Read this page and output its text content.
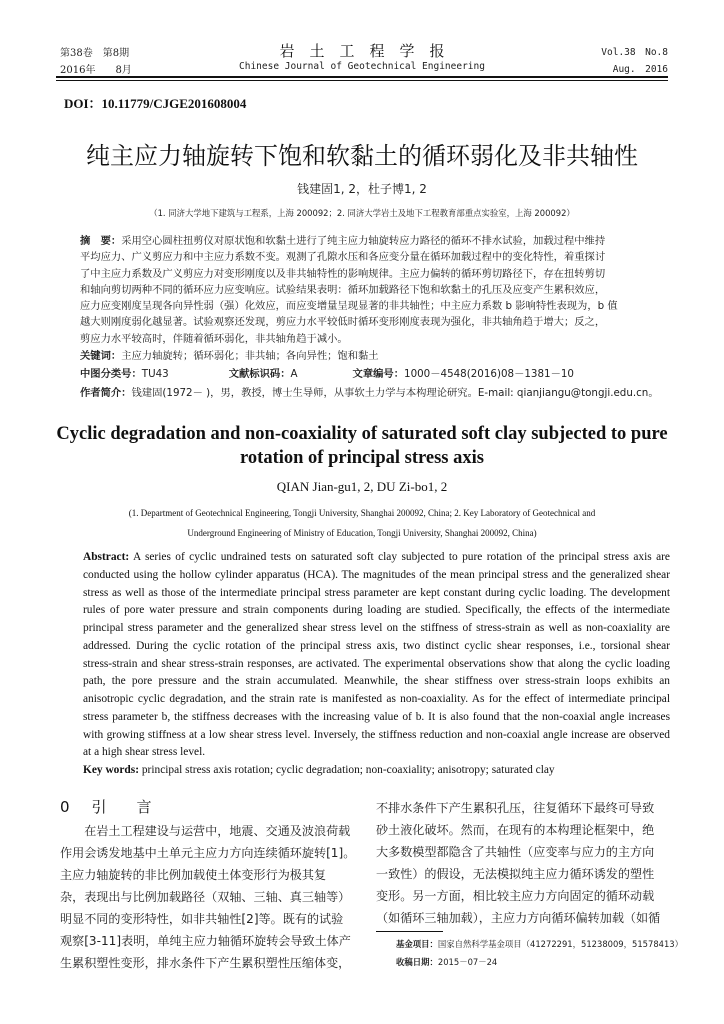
第38卷　第8期
2016年　　8月
岩　土　工　程　学　报
Chinese Journal of Geotechnical Engineering
Vol.38　No.8
Aug.　2016
DOI：10.11779/CJGE201608004
纯主应力轴旋转下饱和软黏土的循环弱化及非共轴性
钱建固1, 2，杜子博1, 2
（1. 同济大学地下建筑与工程系，上海 200092；2. 同济大学岩土及地下工程教育部重点实验室，上海 200092）
摘　要：采用空心圆柱扭剪仪对原状饱和软黏土进行了纯主应力轴旋转应力路径的循环不排水试验，加载过程中维持
平均应力、广义剪应力和中主应力系数不变。观测了孔隙水压和各应变分量在循环加载过程中的变化特性，着重探讨
了中主应力系数及广义剪应力对变形刚度以及非共轴特性的影响规律。主应力偏转的循环剪切路径下，存在扭转剪切
和轴向剪切两种不同的循环应力应变响应。试验结果表明：循环加载路径下饱和软黏土的孔压及应变产生累积效应，
应力应变刚度呈现各向异性弱（强）化效应，而应变增量呈现显著的非共轴性；中主应力系数 b 影响特性表现为，b 值
越大则刚度弱化越显著。试验观察还发现，剪应力水平较低时循环变形刚度表现为强化，非共轴角趋于增大；反之，
剪应力水平较高时，伴随着循环弱化，非共轴角趋于减小。
关键词：主应力轴旋转；循环弱化；非共轴；各向异性；饱和黏土
中图分类号：TU43	文献标识码：A	文章编号：1000－4548(2016)08－1381－10
作者简介：钱建固(1972－ )，男，教授，博士生导师，从事软土力学与本构理论研究。E-mail: qianjiangu@tongji.edu.cn。
Cyclic degradation and non-coaxiality of saturated soft clay subjected to pure
rotation of principal stress axis
QIAN Jian-gu1, 2, DU Zi-bo1, 2
(1. Department of Geotechnical Engineering, Tongji University, Shanghai 200092, China; 2. Key Laboratory of Geotechnical and
Underground Engineering of Ministry of Education, Tongji University, Shanghai 200092, China)
Abstract: A series of cyclic undrained tests on saturated soft clay subjected to pure rotation of the principal stress axis are
conducted using the hollow cylinder apparatus (HCA). The magnitudes of the mean principal stress and the generalized shear
stress as well as those of the intermediate principal stress parameter are kept constant during cyclic loading. The development
rules of pore water pressure and strain components during loading are studied. Specifically, the effects of the intermediate
principal stress parameter and the generalized shear stress level on the stiffness of stress-strain as well as non-coaxiality are
addressed. During the cyclic rotation of the principal stress axis, two distinct cyclic shear responses, i.e., torsional shear
stress-strain and shear stress-strain responses, are activated. The experimental observations show that along the cyclic loading
path, the pore pressure and the strain accumulated. Meanwhile, the shear stiffness over stress-strain loops exhibits an
anisotropic cyclic degradation, and the strain rate is manifested as non-coaxiality. As for the effect of intermediate principal
stress parameter b, the stiffness decreases with the increasing value of b. It is also found that the non-coaxial angle increases
with growing stiffness at a low shear stress level. Inversely, the stiffness reduction and non-coaxial angle increase are observed
at a high shear stress level.
Key words: principal stress axis rotation; cyclic degradation; non-coaxiality; anisotropy; saturated clay
0 引　　言
　　在岩土工程建设与运营中，地震、交通及波浪荷载
作用会诱发地基中土单元主应力方向连续循环旋转[1]。
主应力轴旋转的非比例加载使土体变形行为极其复
杂，表现出与比例加载路径（双轴、三轴、真三轴等）
明显不同的变形特性，如非共轴性[2]等。既有的试验
观察[3-11]表明，单纯主应力轴循环旋转会导致土体产
生累积塑性变形，排水条件下产生累积塑性压缩体变，
不排水条件下产生累积孔压，往复循环下最终可导致
砂土液化破坏。然而，在现有的本构理论框架中，绝
大多数模型都隐含了共轴性（应变率与应力的主方向
一致性）的假设，无法模拟纯主应力循环诱发的塑性
变形。另一方面，相比较主应力方向固定的循环动载
（如循环三轴加载），主应力方向循环偏转加载（如循
基金项目：国家自然科学基金项目（41272291，51238009，51578413）
收稿日期：2015－07－24
